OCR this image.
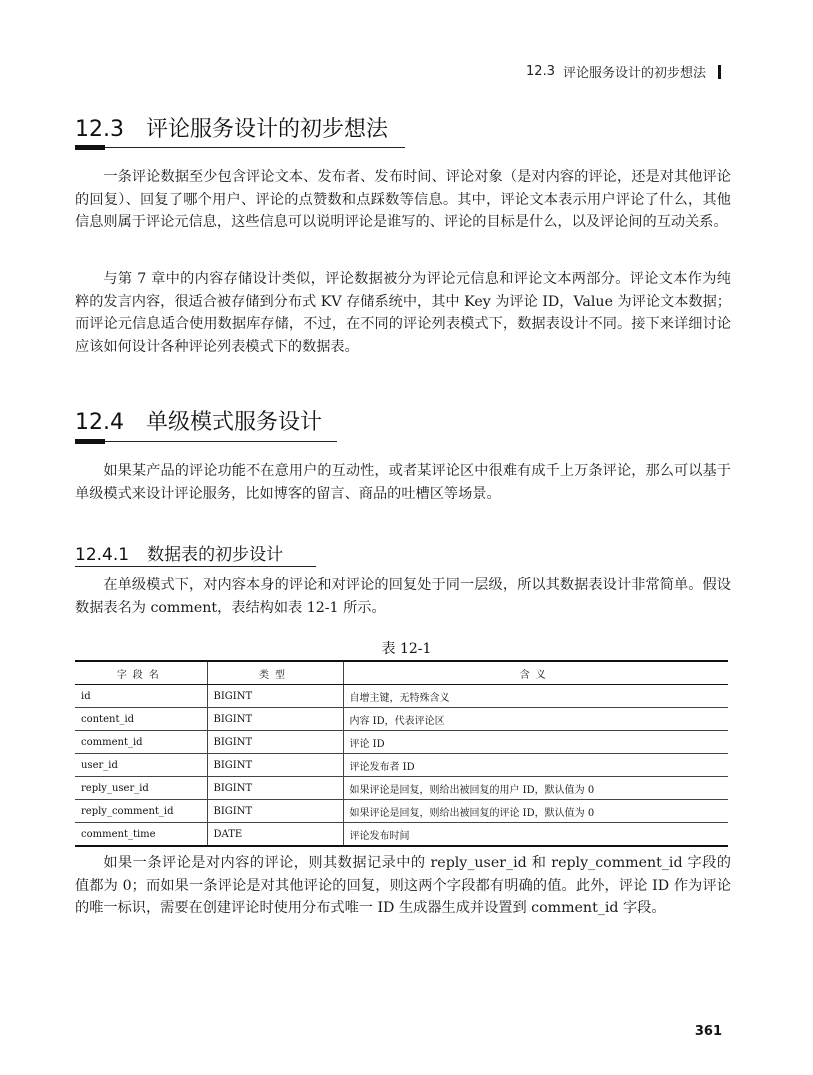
12.3 评论服务设计的初步想法
12.3 评论服务设计的初步想法

一条评论数据至少包含评论文本、发布者、发布时间、评论对象（是对内容的评论，还是对其他评论的回复）、回复了哪个用户、评论的点赞数和点踩数等信息。其中，评论文本表示用户评论了什么，其他信息则属于评论元信息，这些信息可以说明评论是谁写的、评论的目标是什么，以及评论间的互动关系。

与第 7 章中的内容存储设计类似，评论数据被分为评论元信息和评论文本两部分。评论文本作为纯粹的发言内容，很适合被存储到分布式 KV 存储系统中，其中 Key 为评论 ID，Value 为评论文本数据；而评论元信息适合使用数据库存储，不过，在不同的评论列表模式下，数据表设计不同。接下来详细讨论应该如何设计各种评论列表模式下的数据表。

12.4 单级模式服务设计

如果某产品的评论功能不在意用户的互动性，或者某评论区中很难有成千上万条评论，那么可以基于单级模式来设计评论服务，比如博客的留言、商品的吐槽区等场景。

12.4.1 数据表的初步设计

在单级模式下，对内容本身的评论和对评论的回复处于同一层级，所以其数据表设计非常简单。假设数据表名为 comment，表结构如表 12-1 所示。

表 12-1
字段名	类型	含义
id	BIGINT	自增主键，无特殊含义
content_id	BIGINT	内容 ID，代表评论区
comment_id	BIGINT	评论 ID
user_id	BIGINT	评论发布者 ID
reply_user_id	BIGINT	如果评论是回复，则给出被回复的用户 ID，默认值为 0
reply_comment_id	BIGINT	如果评论是回复，则给出被回复的评论 ID，默认值为 0
comment_time	DATE	评论发布时间

如果一条评论是对内容的评论，则其数据记录中的 reply_user_id 和 reply_comment_id 字段的值都为 0；而如果一条评论是对其他评论的回复，则这两个字段都有明确的值。此外，评论 ID 作为评论的唯一标识，需要在创建评论时使用分布式唯一 ID 生成器生成并设置到 comment_id 字段。

361
